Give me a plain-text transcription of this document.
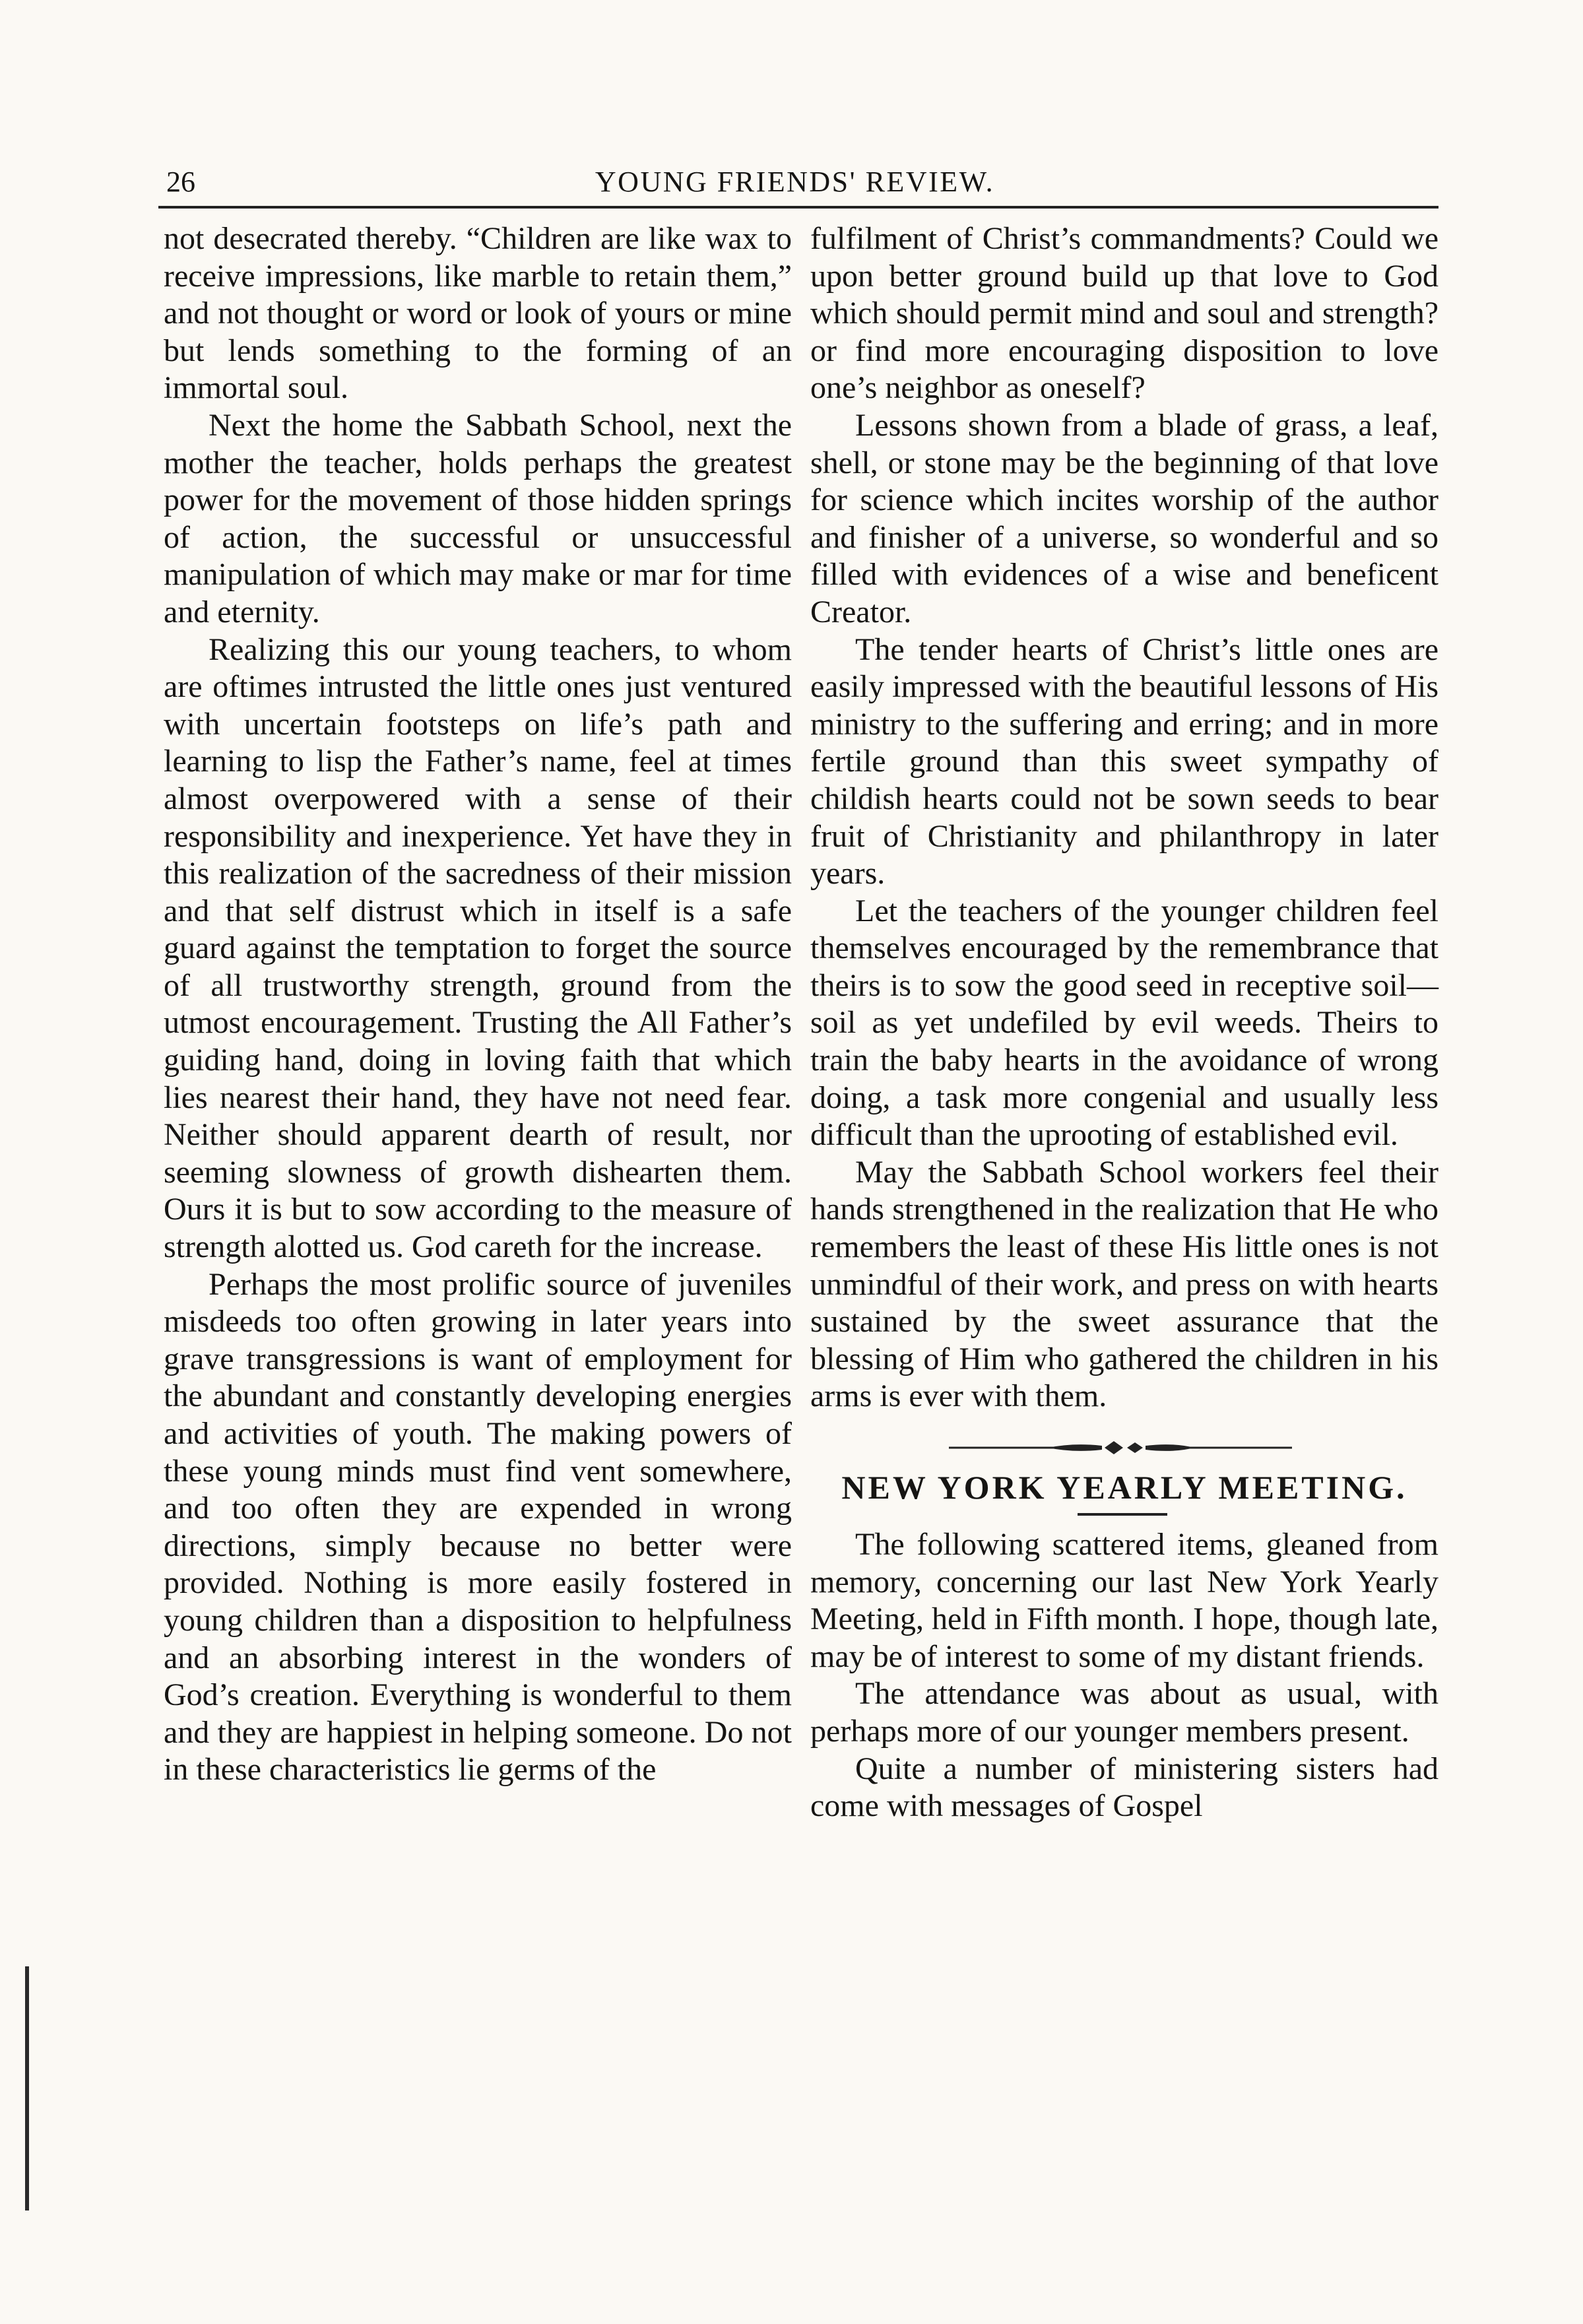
26	YOUNG FRIENDS' REVIEW.

not desecrated thereby. “Children are like wax to receive impressions, like marble to retain them,” and not thought or word or look of yours or mine but lends something to the forming of an immortal soul.

Next the home the Sabbath School, next the mother the teacher, holds perhaps the greatest power for the movement of those hidden springs of action, the successful or unsuccessful manipulation of which may make or mar for time and eternity.

Realizing this our young teachers, to whom are oftimes intrusted the little ones just ventured with uncertain footsteps on life’s path and learning to lisp the Father’s name, feel at times almost overpowered with a sense of their responsibility and inexperience. Yet have they in this realization of the sacredness of their mission and that self distrust which in itself is a safe guard against the temptation to forget the source of all trustworthy strength, ground from the utmost encouragement. Trusting the All Father’s guiding hand, doing in loving faith that which lies nearest their hand, they have not need fear. Neither should apparent dearth of result, nor seeming slowness of growth dishearten them. Ours it is but to sow according to the measure of strength alotted us. God careth for the increase.

Perhaps the most prolific source of juveniles misdeeds too often growing in later years into grave transgressions is want of employment for the abundant and constantly developing energies and activities of youth. The making powers of these young minds must find vent somewhere, and too often they are expended in wrong directions, simply because no better were provided. Nothing is more easily fostered in young children than a disposition to helpfulness and an absorbing interest in the wonders of God’s creation. Everything is wonderful to them and they are happiest in helping someone. Do not in these characteristics lie germs of the

fulfilment of Christ’s commandments? Could we upon better ground build up that love to God which should permit mind and soul and strength? or find more encouraging disposition to love one’s neighbor as oneself?

Lessons shown from a blade of grass, a leaf, shell, or stone may be the beginning of that love for science which incites worship of the author and finisher of a universe, so wonderful and so filled with evidences of a wise and beneficent Creator.

The tender hearts of Christ’s little ones are easily impressed with the beautiful lessons of His ministry to the suffering and erring; and in more fertile ground than this sweet sympathy of childish hearts could not be sown seeds to bear fruit of Christianity and philanthropy in later years.

Let the teachers of the younger children feel themselves encouraged by the remembrance that theirs is to sow the good seed in receptive soil—soil as yet undefiled by evil weeds. Theirs to train the baby hearts in the avoidance of wrong doing, a task more congenial and usually less difficult than the uprooting of established evil.

May the Sabbath School workers feel their hands strengthened in the realization that He who remembers the least of these His little ones is not unmindful of their work, and press on with hearts sustained by the sweet assurance that the blessing of Him who gathered the children in his arms is ever with them.

NEW YORK YEARLY MEETING.

The following scattered items, gleaned from memory, concerning our last New York Yearly Meeting, held in Fifth month. I hope, though late, may be of interest to some of my distant friends.

The attendance was about as usual, with perhaps more of our younger members present.

Quite a number of ministering sisters had come with messages of Gospel
